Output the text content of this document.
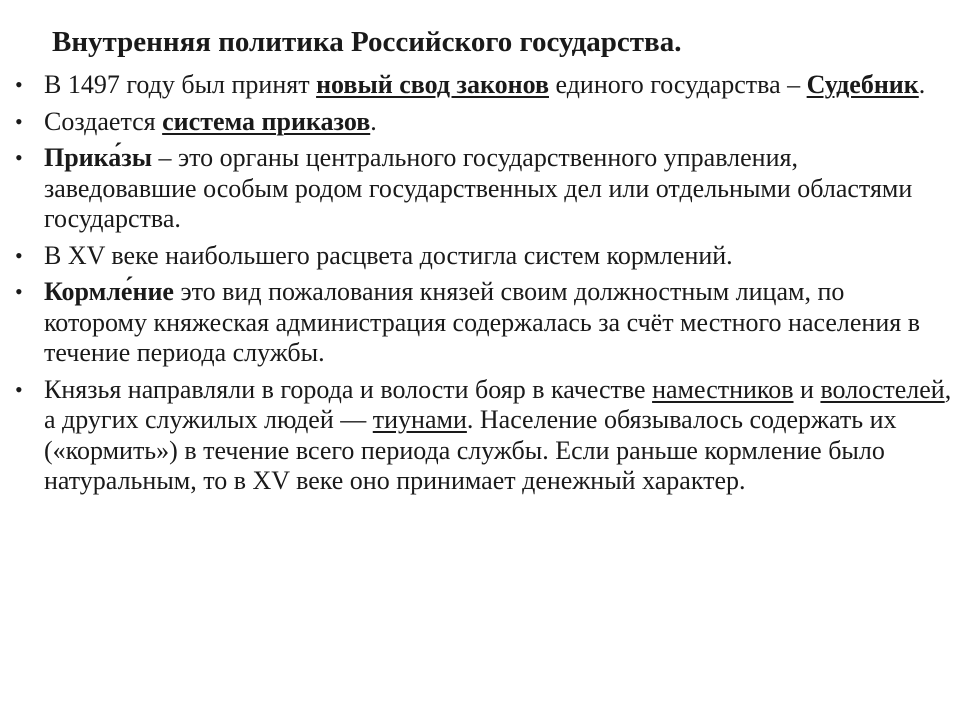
Внутренняя политика Российского государства.
• В 1497 году был принят новый свод законов единого государства – Судебник.
• Создается система приказов.
• Прика́зы – это органы центрального государственного управления, заведовавшие особым родом государственных дел или отдельными областями государства.
• В XV веке наибольшего расцвета достигла систем кормлений.
• Кормле́ние это вид пожалования князей своим должностным лицам, по которому княжеская администрация содержалась за счёт местного населения в течение периода службы.
• Князья направляли в города и волости бояр в качестве наместников и волостелей, а других служилых людей — тиунами. Население обязывалось содержать их («кормить») в течение всего периода службы. Если раньше кормление было натуральным, то в XV веке оно принимает денежный характер.
